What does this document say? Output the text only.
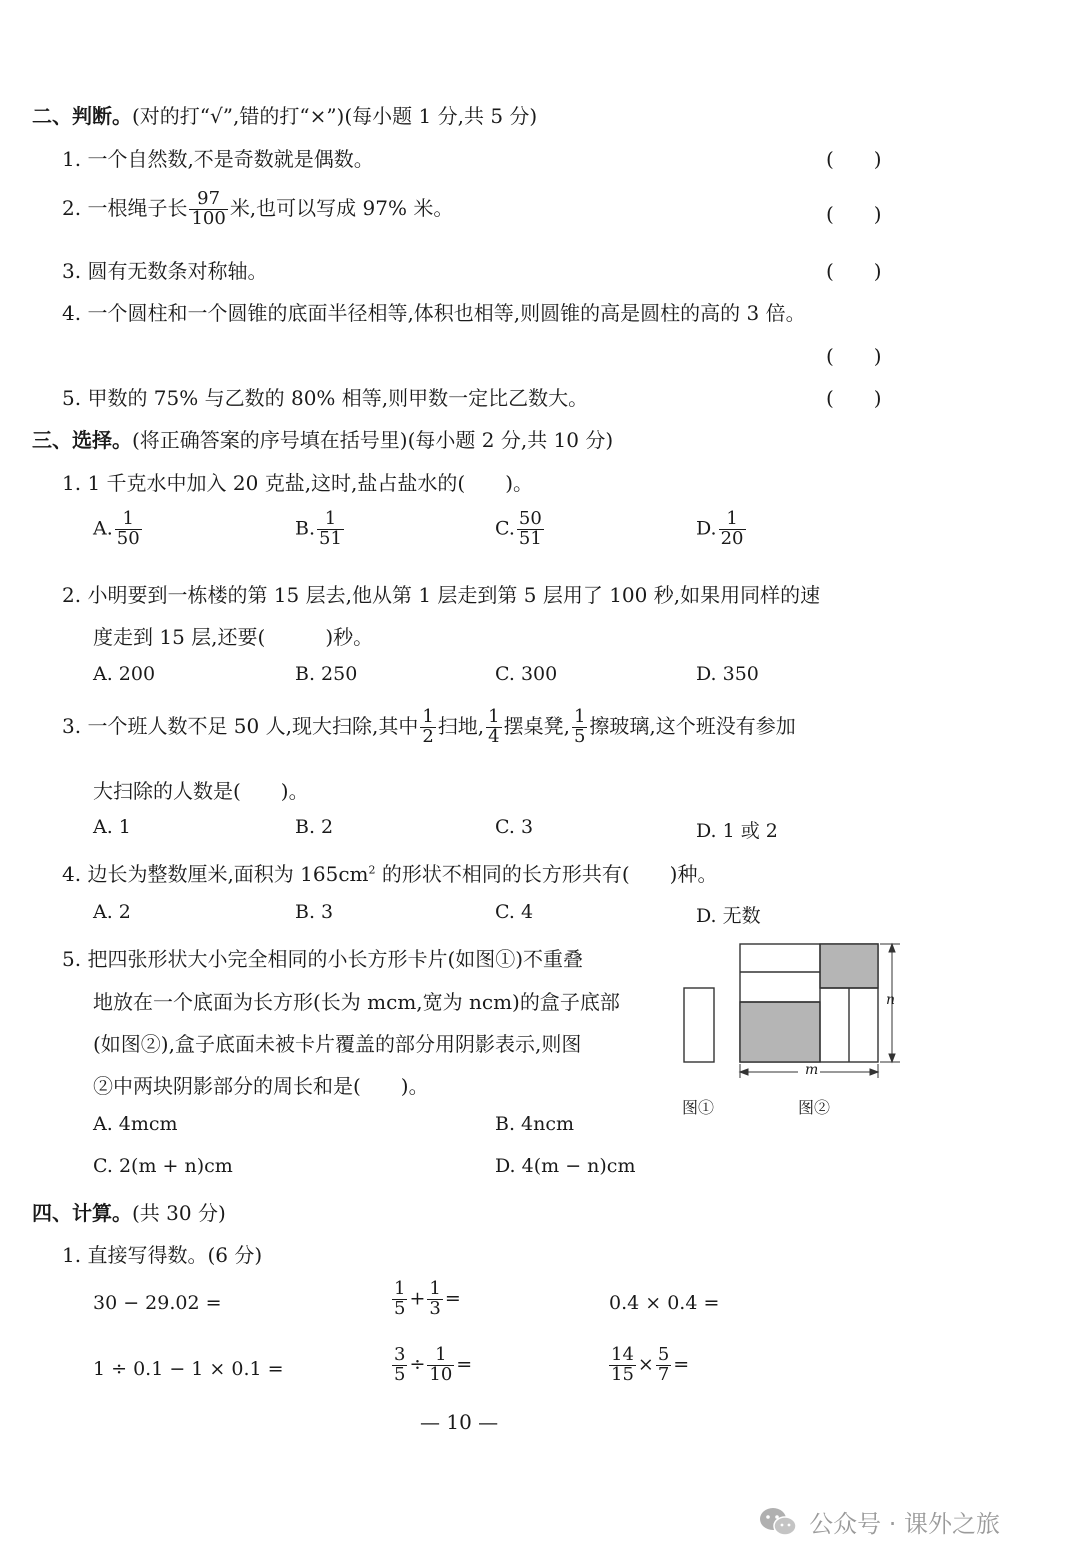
二、判断。(对的打“√”,错的打“×”)(每小题 1 分,共 5 分)
1. 一个自然数,不是奇数就是偶数。	(　　)
2. 一根绳子长 $\frac{97}{100}$ 米,也可以写成 97% 米。	(　　)
3. 圆有无数条对称轴。	(　　)
4. 一个圆柱和一个圆锥的底面半径相等,体积也相等,则圆锥的高是圆柱的高的 3 倍。
(　　)
5. 甲数的 75% 与乙数的 80% 相等,则甲数一定比乙数大。	(　　)
三、选择。(将正确答案的序号填在括号里)(每小题 2 分,共 10 分)
1. 1 千克水中加入 20 克盐,这时,盐占盐水的(　　)。
A. $\frac{1}{50}$	B. $\frac{1}{51}$	C. $\frac{50}{51}$	D. $\frac{1}{20}$
2. 小明要到一栋楼的第 15 层去,他从第 1 层走到第 5 层用了 100 秒,如果用同样的速
度走到 15 层,还要(　　　)秒。
A. 200	B. 250	C. 300	D. 350
3. 一个班人数不足 50 人,现大扫除,其中 $\frac{1}{2}$ 扫地, $\frac{1}{4}$ 摆桌凳, $\frac{1}{5}$ 擦玻璃,这个班没有参加
大扫除的人数是(　　)。
A. 1	B. 2	C. 3	D. 1 或 2
4. 边长为整数厘米,面积为 $165cm^2$ 的形状不相同的长方形共有(　　)种。
A. 2	B. 3	C. 4	D. 无数
5. 把四张形状大小完全相同的小长方形卡片(如图①)不重叠
地放在一个底面为长方形(长为 mcm,宽为 ncm)的盒子底部
(如图②),盒子底面未被卡片覆盖的部分用阴影表示,则图
②中两块阴影部分的周长和是(　　)。
n
m
图①	图②
A. 4mcm	B. 4ncm
C. 2(m + n)cm	D. 4(m − n)cm
四、计算。(共 30 分)
1. 直接写得数。(6 分)
30 − 29.02 =	$\frac{1}{5} + \frac{1}{3}$ =	0.4 × 0.4 =
1 ÷ 0.1 − 1 × 0.1 =	$\frac{3}{5} \div \frac{1}{10}$ =	$\frac{14}{15} \times \frac{5}{7}$ =
— 10 —
公众号 · 课外之旅
